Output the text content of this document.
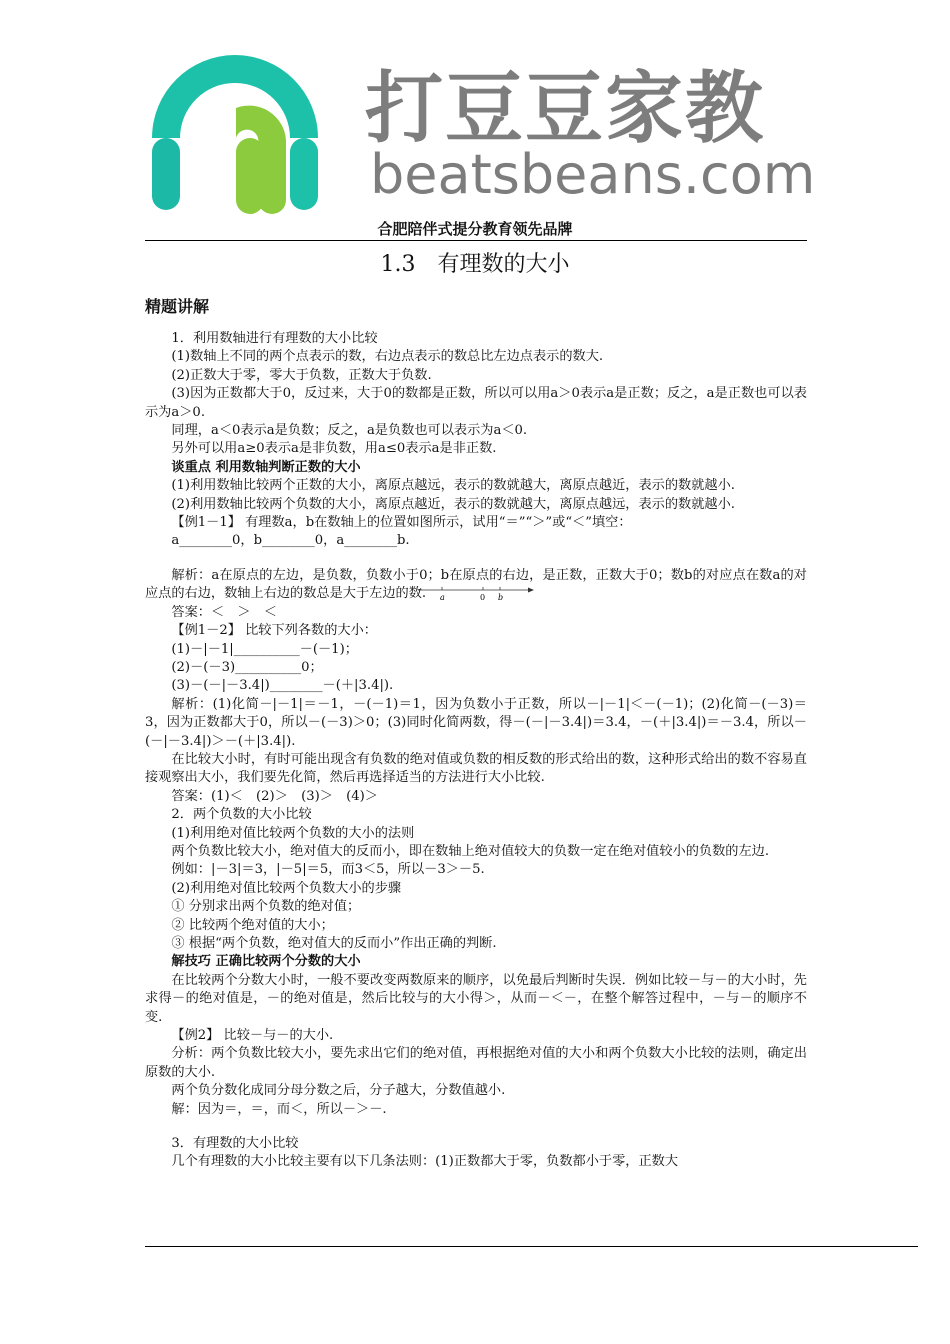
打豆豆家教
beatsbeans.com
合肥陪伴式提分教育领先品牌
1.3　有理数的大小
精题讲解

1．利用数轴进行有理数的大小比较

(1)数轴上不同的两个点表示的数，右边点表示的数总比左边点表示的数大.

(2)正数大于零，零大于负数，正数大于负数.

(3)因为正数都大于0，反过来，大于0的数都是正数，所以可以用a＞0表示a是正数；反之，a是正数也可以表示为a＞0.

同理，a＜0表示a是负数；反之，a是负数也可以表示为a＜0.

另外可以用a≥0表示a是非负数，用a≤0表示a是非正数.

谈重点 利用数轴判断正数的大小

(1)利用数轴比较两个正数的大小，离原点越远，表示的数就越大，离原点越近，表示的数就越小.

(2)利用数轴比较两个负数的大小，离原点越近，表示的数就越大，离原点越远，表示的数就越小.

【例1－1】 有理数a，b在数轴上的位置如图所示，试用“＝”“＞”或“＜”填空：

a________0，b________0，a________b.

解析：a在原点的左边，是负数，负数小于0；b在原点的右边，是正数，正数大于0；数b的对应点在数a的对应点的右边，数轴上右边的数总是大于左边的数.

答案：＜　＞　＜

【例1－2】 比较下列各数的大小：

(1)－|－1|__________－(－1)；

(2)－(－3)__________0；

(3)－(－|－3.4|)________－(＋|3.4|).

解析：(1)化简－|－1|＝－1，－(－1)＝1，因为负数小于正数，所以－|－1|＜－(－1)；(2)化简－(－3)＝3，因为正数都大于0，所以－(－3)＞0；(3)同时化简两数，得－(－|－3.4|)＝3.4，－(＋|3.4|)＝－3.4，所以－(－|－3.4|)＞－(＋|3.4|).

在比较大小时，有时可能出现含有负数的绝对值或负数的相反数的形式给出的数，这种形式给出的数不容易直接观察出大小，我们要先化简，然后再选择适当的方法进行大小比较.

答案：(1)＜　(2)＞　(3)＞　(4)＞

2．两个负数的大小比较

(1)利用绝对值比较两个负数的大小的法则

两个负数比较大小，绝对值大的反而小，即在数轴上绝对值较大的负数一定在绝对值较小的负数的左边.

例如：|－3|＝3，|－5|＝5，而3＜5，所以－3＞－5.

(2)利用绝对值比较两个负数大小的步骤

① 分别求出两个负数的绝对值；

② 比较两个绝对值的大小；

③ 根据“两个负数，绝对值大的反而小”作出正确的判断.

解技巧 正确比较两个分数的大小

在比较两个分数大小时，一般不要改变两数原来的顺序，以免最后判断时失误．例如比较－与－的大小时，先求得－的绝对值是，－的绝对值是，然后比较与的大小得＞，从而－＜－，在整个解答过程中，－与－的顺序不变.

【例2】 比较－与－的大小.

分析：两个负数比较大小，要先求出它们的绝对值，再根据绝对值的大小和两个负数大小比较的法则，确定出原数的大小.

两个负分数化成同分母分数之后，分子越大，分数值越小.

解：因为＝，＝，而＜，所以－＞－.

3．有理数的大小比较

几个有理数的大小比较主要有以下几条法则：(1)正数都大于零，负数都小于零，正数大

a	0 b
